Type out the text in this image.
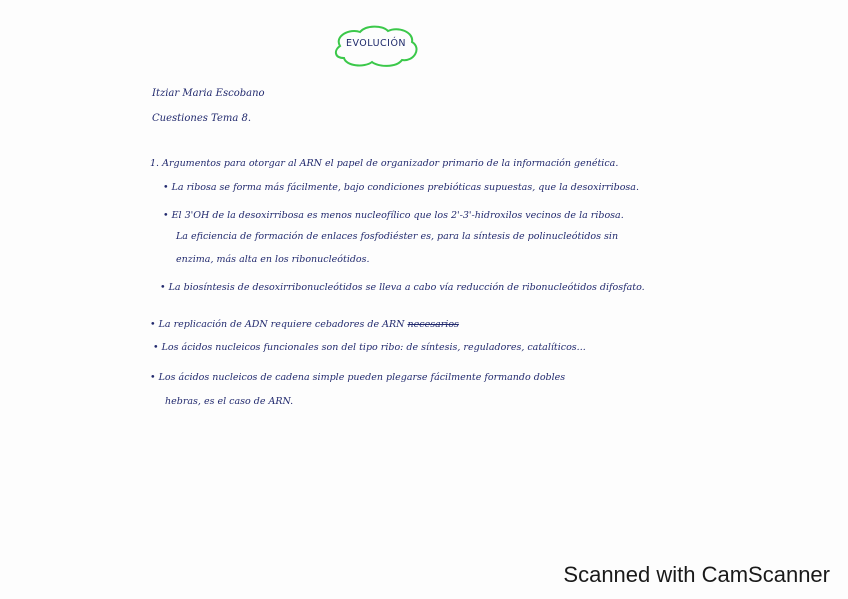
EVOLUCIÓN
Itziar Maria Escobano
Cuestiones Tema 8.
1. Argumentos para otorgar al ARN el papel de organizador primario de la información genética.
• La ribosa se forma más fácilmente, bajo condiciones prebióticas supuestas, que la desoxirribosa.
• El 3'OH de la desoxirribosa es menos nucleofílico que los 2'-3'-hidroxilos vecinos de la ribosa.
La eficiencia de formación de enlaces fosfodiéster es, para la síntesis de polinucleótidos sin
enzima, más alta en los ribonucleótidos.
• La biosíntesis de desoxirribonucleótidos se lleva a cabo vía reducción de ribonucleótidos difosfato.
• La replicación de ADN requiere cebadores de ARN necesarios
• Los ácidos nucleicos funcionales son del tipo ribo: de síntesis, reguladores, catalíticos...
• Los ácidos nucleicos de cadena simple pueden plegarse fácilmente formando dobles
hebras, es el caso de ARN.
Scanned with CamScanner
